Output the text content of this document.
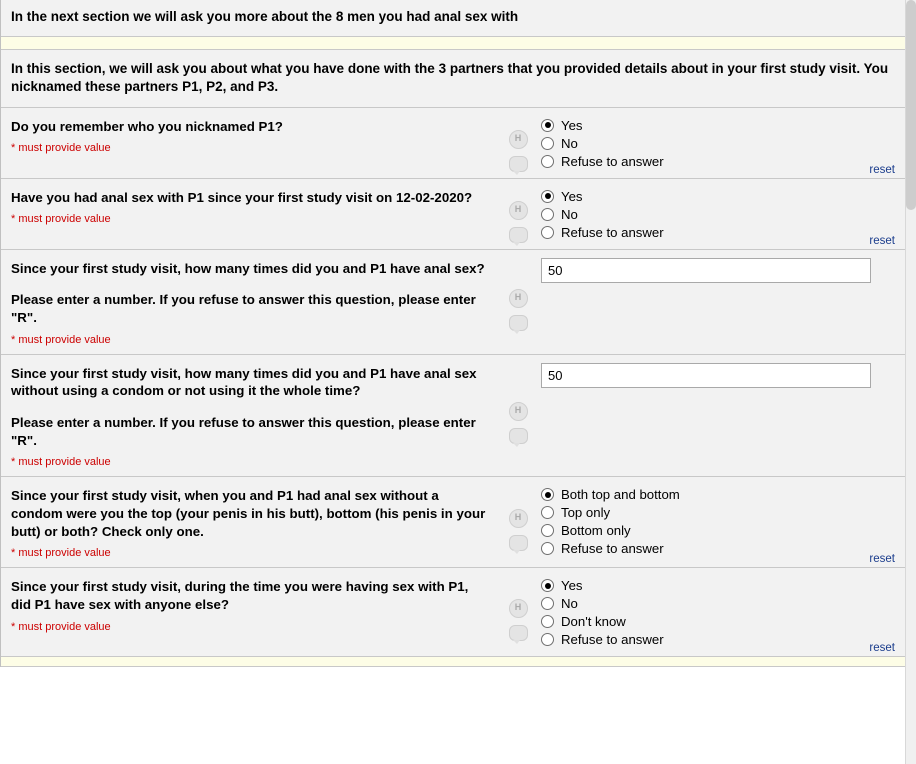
In the next section we will ask you more about the 8 men you had anal sex with
In this section, we will ask you about what you have done with the 3 partners that you provided details about in your first study visit. You nicknamed these partners P1, P2, and P3.
Do you remember who you nicknamed P1?
* must provide value
H
Yes
No
Refuse to answer
reset
Have you had anal sex with P1 since your first study visit on 12-02-2020?
* must provide value
H
Yes
No
Refuse to answer
reset
Since your first study visit, how many times did you and P1 have anal sex?
Please enter a number. If you refuse to answer this question, please enter "R".
* must provide value
H
50
Since your first study visit, how many times did you and P1 have anal sex without using a condom or not using it the whole time?
Please enter a number. If you refuse to answer this question, please enter "R".
* must provide value
H
50
Since your first study visit, when you and P1 had anal sex without a condom were you the top (your penis in his butt), bottom (his penis in your butt) or both? Check only one.
* must provide value
H
Both top and bottom
Top only
Bottom only
Refuse to answer
reset
Since your first study visit, during the time you were having sex with P1, did P1 have sex with anyone else?
* must provide value
H
Yes
No
Don't know
Refuse to answer
reset
